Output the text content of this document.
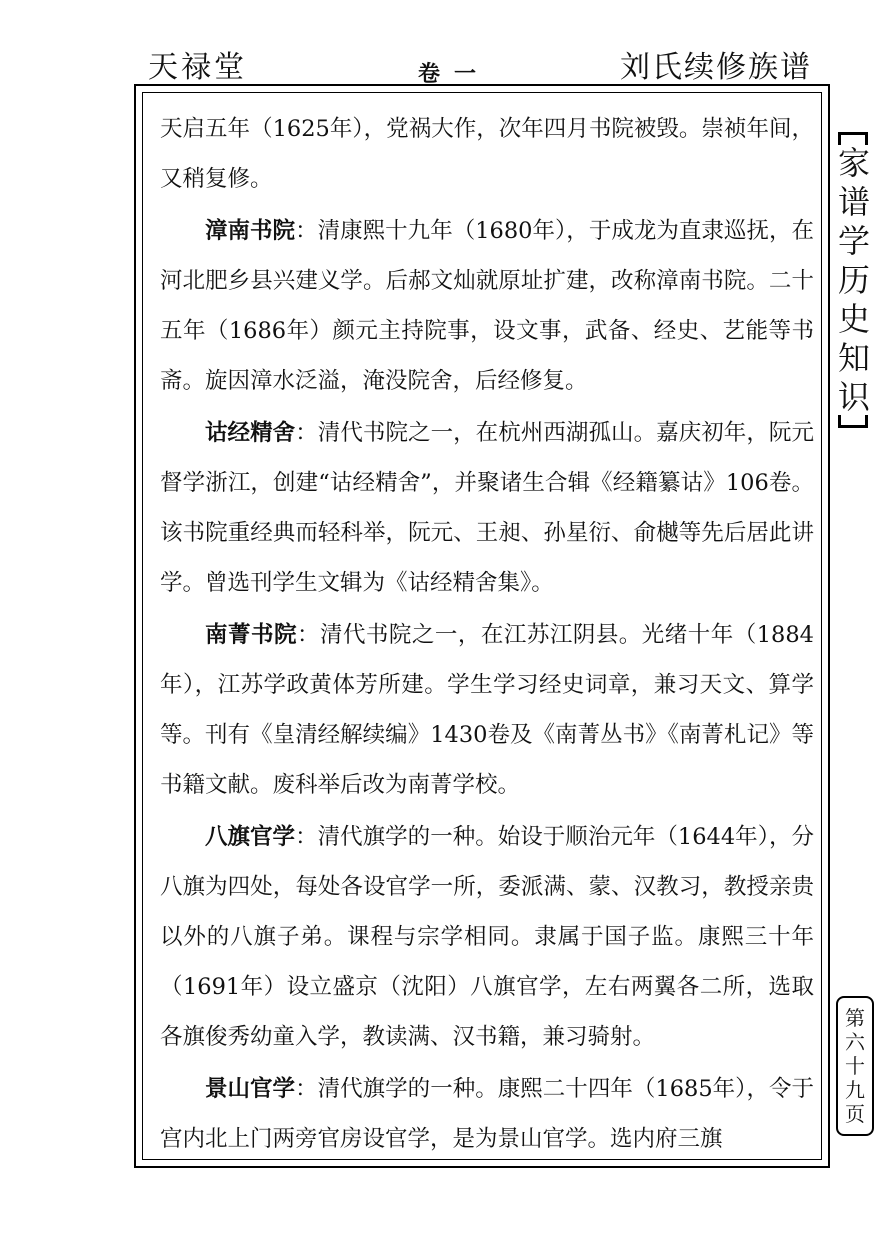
天禄堂	卷一	刘氏续修族谱

天启五年（1625年），党祸大作，次年四月书院被毁。崇祯年间，又稍复修。

漳南书院：清康熙十九年（1680年），于成龙为直隶巡抚，在河北肥乡县兴建义学。后郝文灿就原址扩建，改称漳南书院。二十五年（1686年）颜元主持院事，设文事，武备、经史、艺能等书斋。旋因漳水泛溢，淹没院舍，后经修复。

诂经精舍：清代书院之一，在杭州西湖孤山。嘉庆初年，阮元督学浙江，创建“诂经精舍”，并聚诸生合辑《经籍纂诂》106卷。该书院重经典而轻科举，阮元、王昶、孙星衍、俞樾等先后居此讲学。曾选刊学生文辑为《诂经精舍集》。

南菁书院：清代书院之一，在江苏江阴县。光绪十年（1884年），江苏学政黄体芳所建。学生学习经史词章，兼习天文、算学等。刊有《皇清经解续编》1430卷及《南菁丛书》《南菁札记》等书籍文献。废科举后改为南菁学校。

八旗官学：清代旗学的一种。始设于顺治元年（1644年），分八旗为四处，每处各设官学一所，委派满、蒙、汉教习，教授亲贵以外的八旗子弟。课程与宗学相同。隶属于国子监。康熙三十年（1691年）设立盛京（沈阳）八旗官学，左右两翼各二所，选取各旗俊秀幼童入学，教读满、汉书籍，兼习骑射。

景山官学：清代旗学的一种。康熙二十四年（1685年），令于宫内北上门两旁官房设官学，是为景山官学。选内府三旗

家谱学历史知识
第六十九页
